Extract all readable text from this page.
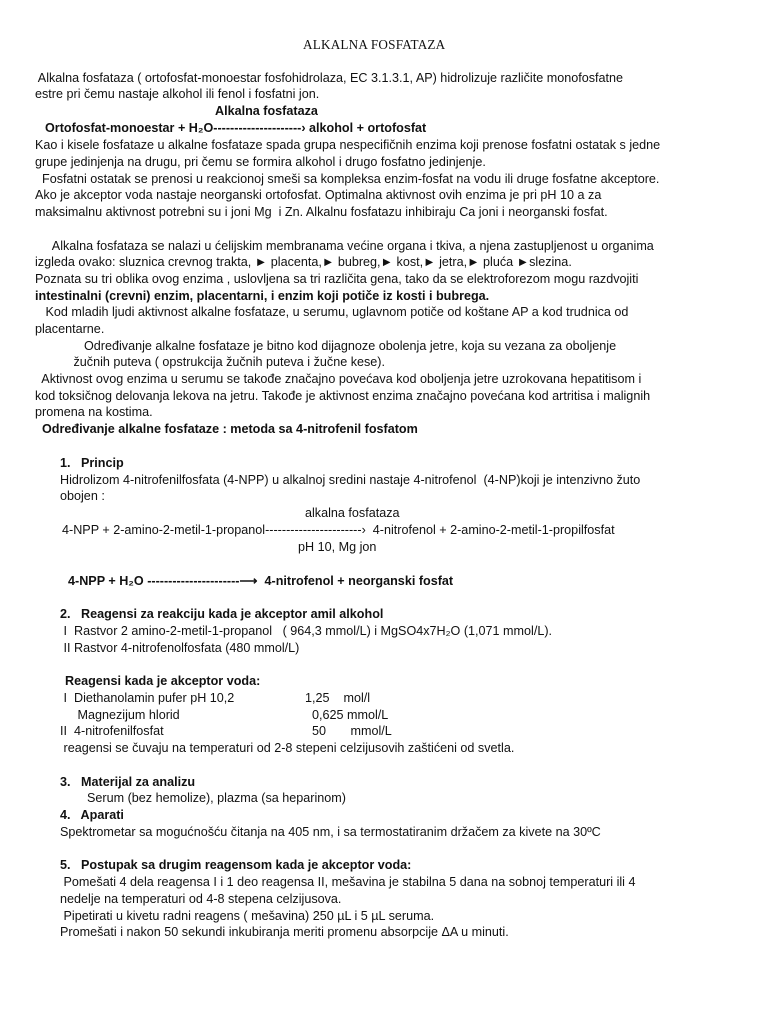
ALKALNA FOSFATAZA
Alkalna fosfataza ( ortofosfat-monoestar fosfohidrolaza, EC 3.1.3.1, AP) hidrolizuje različite monofosfatne
estre pri čemu nastaje alkohol ili fenol i fosfatni jon.
Alkalna fosfataza
Ortofosfat-monoestar + H₂O---------------------› alkohol + ortofosfat
Kao i kisele fosfataze u alkalne fosfataze spada grupa nespecifičnih enzima koji prenose fosfatni ostatak s jedne
grupe jedinjenja na drugu, pri čemu se formira alkohol i drugo fosfatno jedinjenje.
Fosfatni ostatak se prenosi u reakcionoj smeši sa kompleksa enzim-fosfat na vodu ili druge fosfatne akceptore.
Ako je akceptor voda nastaje neorganski ortofosfat. Optimalna aktivnost ovih enzima je pri pH 10 a za
maksimalnu aktivnost potrebni su i joni Mg  i Zn. Alkalnu fosfatazu inhibiraju Ca joni i neorganski fosfat.
Alkalna fosfataza se nalazi u ćelijskim membranama većine organa i tkiva, a njena zastupljenost u organima
izgleda ovako: sluznica crevnog trakta, ► placenta,► bubreg,► kost,► jetra,► pluća ►slezina.
Poznata su tri oblika ovog enzima , uslovljena sa tri različita gena, tako da se elektroforezom mogu razdvojiti
intestinalni (crevni) enzim, placentarni, i enzim koji potiče iz kosti i bubrega.
Kod mladih ljudi aktivnost alkalne fosfataze, u serumu, uglavnom potiče od koštane AP a kod trudnica od
placentarne.
Određivanje alkalne fosfataze je bitno kod dijagnoze obolenja jetre, koja su vezana za oboljenje
žučnih puteva ( opstrukcija žučnih puteva i žučne kese).
Aktivnost ovog enzima u serumu se takođe značajno povećava kod oboljenja jetre uzrokovana hepatitisom i
kod toksičnog delovanja lekova na jetru. Takođe je aktivnost enzima značajno povećana kod artritisa i malignih
promena na kostima.
Određivanje alkalne fosfataze : metoda sa 4-nitrofenil fosfatom
1.   Princip
Hidrolizom 4-nitrofenilfosfata (4-NPP) u alkalnoj sredini nastaje 4-nitrofenol  (4-NP)koji je intenzivno žuto
obojen :
alkalna fosfataza
4-NPP + 2-amino-2-metil-1-propanol-----------------------›  4-nitrofenol + 2-amino-2-metil-1-propilfosfat
pH 10, Mg jon
4-NPP + H₂O ----------------------⟶  4-nitrofenol + neorganski fosfat
2.   Reagensi za reakciju kada je akceptor amil alkohol
I  Rastvor 2 amino-2-metil-1-propanol   ( 964,3 mmol/L) i MgSO4x7H₂O (1,071 mmol/L).
II Rastvor 4-nitrofenolfosfata (480 mmol/L)
Reagensi kada je akceptor voda:
I  Diethanolamin pufer pH 10,2	1,25    mol/l
Magnezijum hlorid	0,625 mmol/L
II  4-nitrofenilfosfat	50       mmol/L
reagensi se čuvaju na temperaturi od 2-8 stepeni celzijusovih zaštićeni od svetla.
3.   Materijal za analizu
Serum (bez hemolize), plazma (sa heparinom)
4.   Aparati
Spektrometar sa mogućnošću čitanja na 405 nm, i sa termostatiranim držačem za kivete na 30ºC
5.   Postupak sa drugim reagensom kada je akceptor voda:
Pomešati 4 dela reagensa I i 1 deo reagensa II, mešavina je stabilna 5 dana na sobnoj temperaturi ili 4
nedelje na temperaturi od 4-8 stepena celzijusova.
Pipetirati u kivetu radni reagens ( mešavina) 250 µL i 5 µL seruma.
Promešati i nakon 50 sekundi inkubiranja meriti promenu absorpcije ΔA u minuti.
